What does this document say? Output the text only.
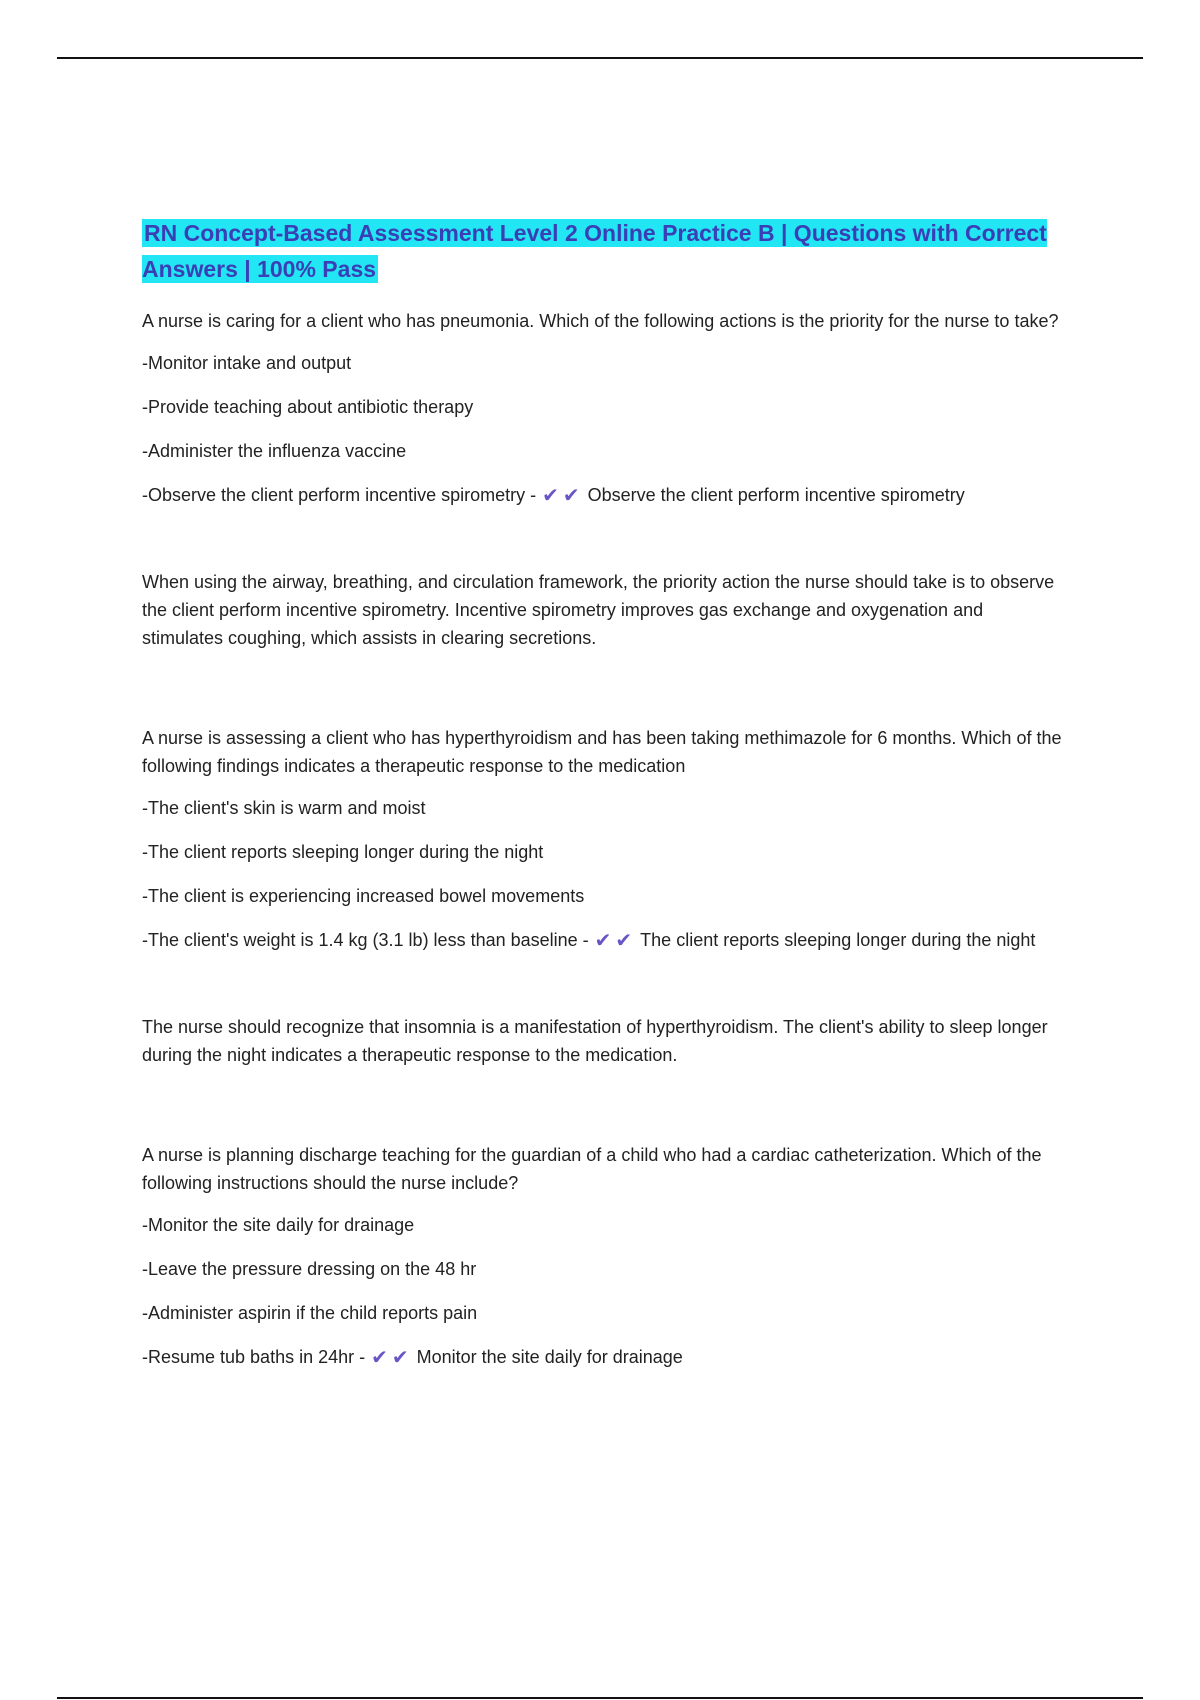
RN Concept-Based Assessment Level 2 Online Practice B | Questions with Correct Answers | 100% Pass

A nurse is caring for a client who has pneumonia. Which of the following actions is the priority for the nurse to take?

-Monitor intake and output

-Provide teaching about antibiotic therapy

-Administer the influenza vaccine

-Observe the client perform incentive spirometry - ✔✔ Observe the client perform incentive spirometry

When using the airway, breathing, and circulation framework, the priority action the nurse should take is to observe the client perform incentive spirometry. Incentive spirometry improves gas exchange and oxygenation and stimulates coughing, which assists in clearing secretions.

A nurse is assessing a client who has hyperthyroidism and has been taking methimazole for 6 months. Which of the following findings indicates a therapeutic response to the medication

-The client's skin is warm and moist

-The client reports sleeping longer during the night

-The client is experiencing increased bowel movements

-The client's weight is 1.4 kg (3.1 lb) less than baseline - ✔✔ The client reports sleeping longer during the night

The nurse should recognize that insomnia is a manifestation of hyperthyroidism. The client's ability to sleep longer during the night indicates a therapeutic response to the medication.

A nurse is planning discharge teaching for the guardian of a child who had a cardiac catheterization. Which of the following instructions should the nurse include?

-Monitor the site daily for drainage

-Leave the pressure dressing on the 48 hr

-Administer aspirin if the child reports pain

-Resume tub baths in 24hr - ✔✔ Monitor the site daily for drainage
